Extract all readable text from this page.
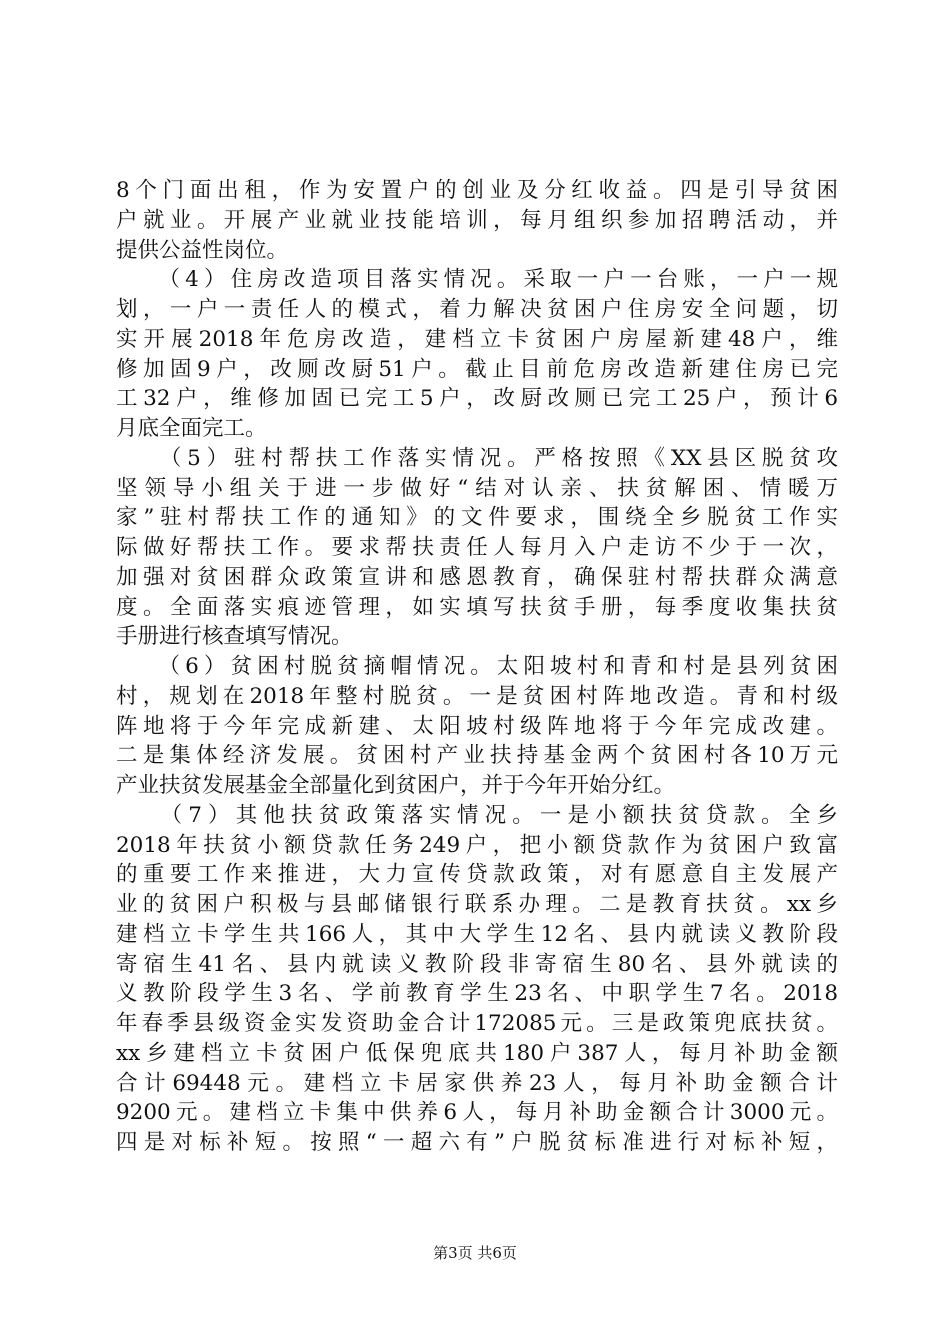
8个门面出租，作为安置户的创业及分红收益。四是引导贫困
户就业。开展产业就业技能培训，每月组织参加招聘活动，并
提供公益性岗位。
　　（4）住房改造项目落实情况。采取一户一台账，一户一规
划，一户一责任人的模式，着力解决贫困户住房安全问题，切
实开展2018年危房改造，建档立卡贫困户房屋新建48户，维
修加固9户，改厕改厨51户。截止目前危房改造新建住房已完
工32户，维修加固已完工5户，改厨改厕已完工25户，预计6
月底全面完工。
　　（5）驻村帮扶工作落实情况。严格按照《XX县区脱贫攻
坚领导小组关于进一步做好“结对认亲、扶贫解困、情暖万
家”驻村帮扶工作的通知》的文件要求，围绕全乡脱贫工作实
际做好帮扶工作。要求帮扶责任人每月入户走访不少于一次，
加强对贫困群众政策宣讲和感恩教育，确保驻村帮扶群众满意
度。全面落实痕迹管理，如实填写扶贫手册，每季度收集扶贫
手册进行核查填写情况。
　　（6）贫困村脱贫摘帽情况。太阳坡村和青和村是县列贫困
村，规划在2018年整村脱贫。一是贫困村阵地改造。青和村级
阵地将于今年完成新建、太阳坡村级阵地将于今年完成改建。
二是集体经济发展。贫困村产业扶持基金两个贫困村各10万元
产业扶贫发展基金全部量化到贫困户，并于今年开始分红。
　　（7）其他扶贫政策落实情况。一是小额扶贫贷款。全乡
2018年扶贫小额贷款任务249户，把小额贷款作为贫困户致富
的重要工作来推进，大力宣传贷款政策，对有愿意自主发展产
业的贫困户积极与县邮储银行联系办理。二是教育扶贫。xx乡
建档立卡学生共166人，其中大学生12名、县内就读义教阶段
寄宿生41名、县内就读义教阶段非寄宿生80名、县外就读的
义教阶段学生3名、学前教育学生23名、中职学生7名。2018
年春季县级资金实发资助金合计172085元。三是政策兜底扶贫。
xx乡建档立卡贫困户低保兜底共180户387人，每月补助金额
合计69448元。建档立卡居家供养23人，每月补助金额合计
9200元。建档立卡集中供养6人，每月补助金额合计3000元。
四是对标补短。按照“一超六有”户脱贫标准进行对标补短，
第3页 共6页
